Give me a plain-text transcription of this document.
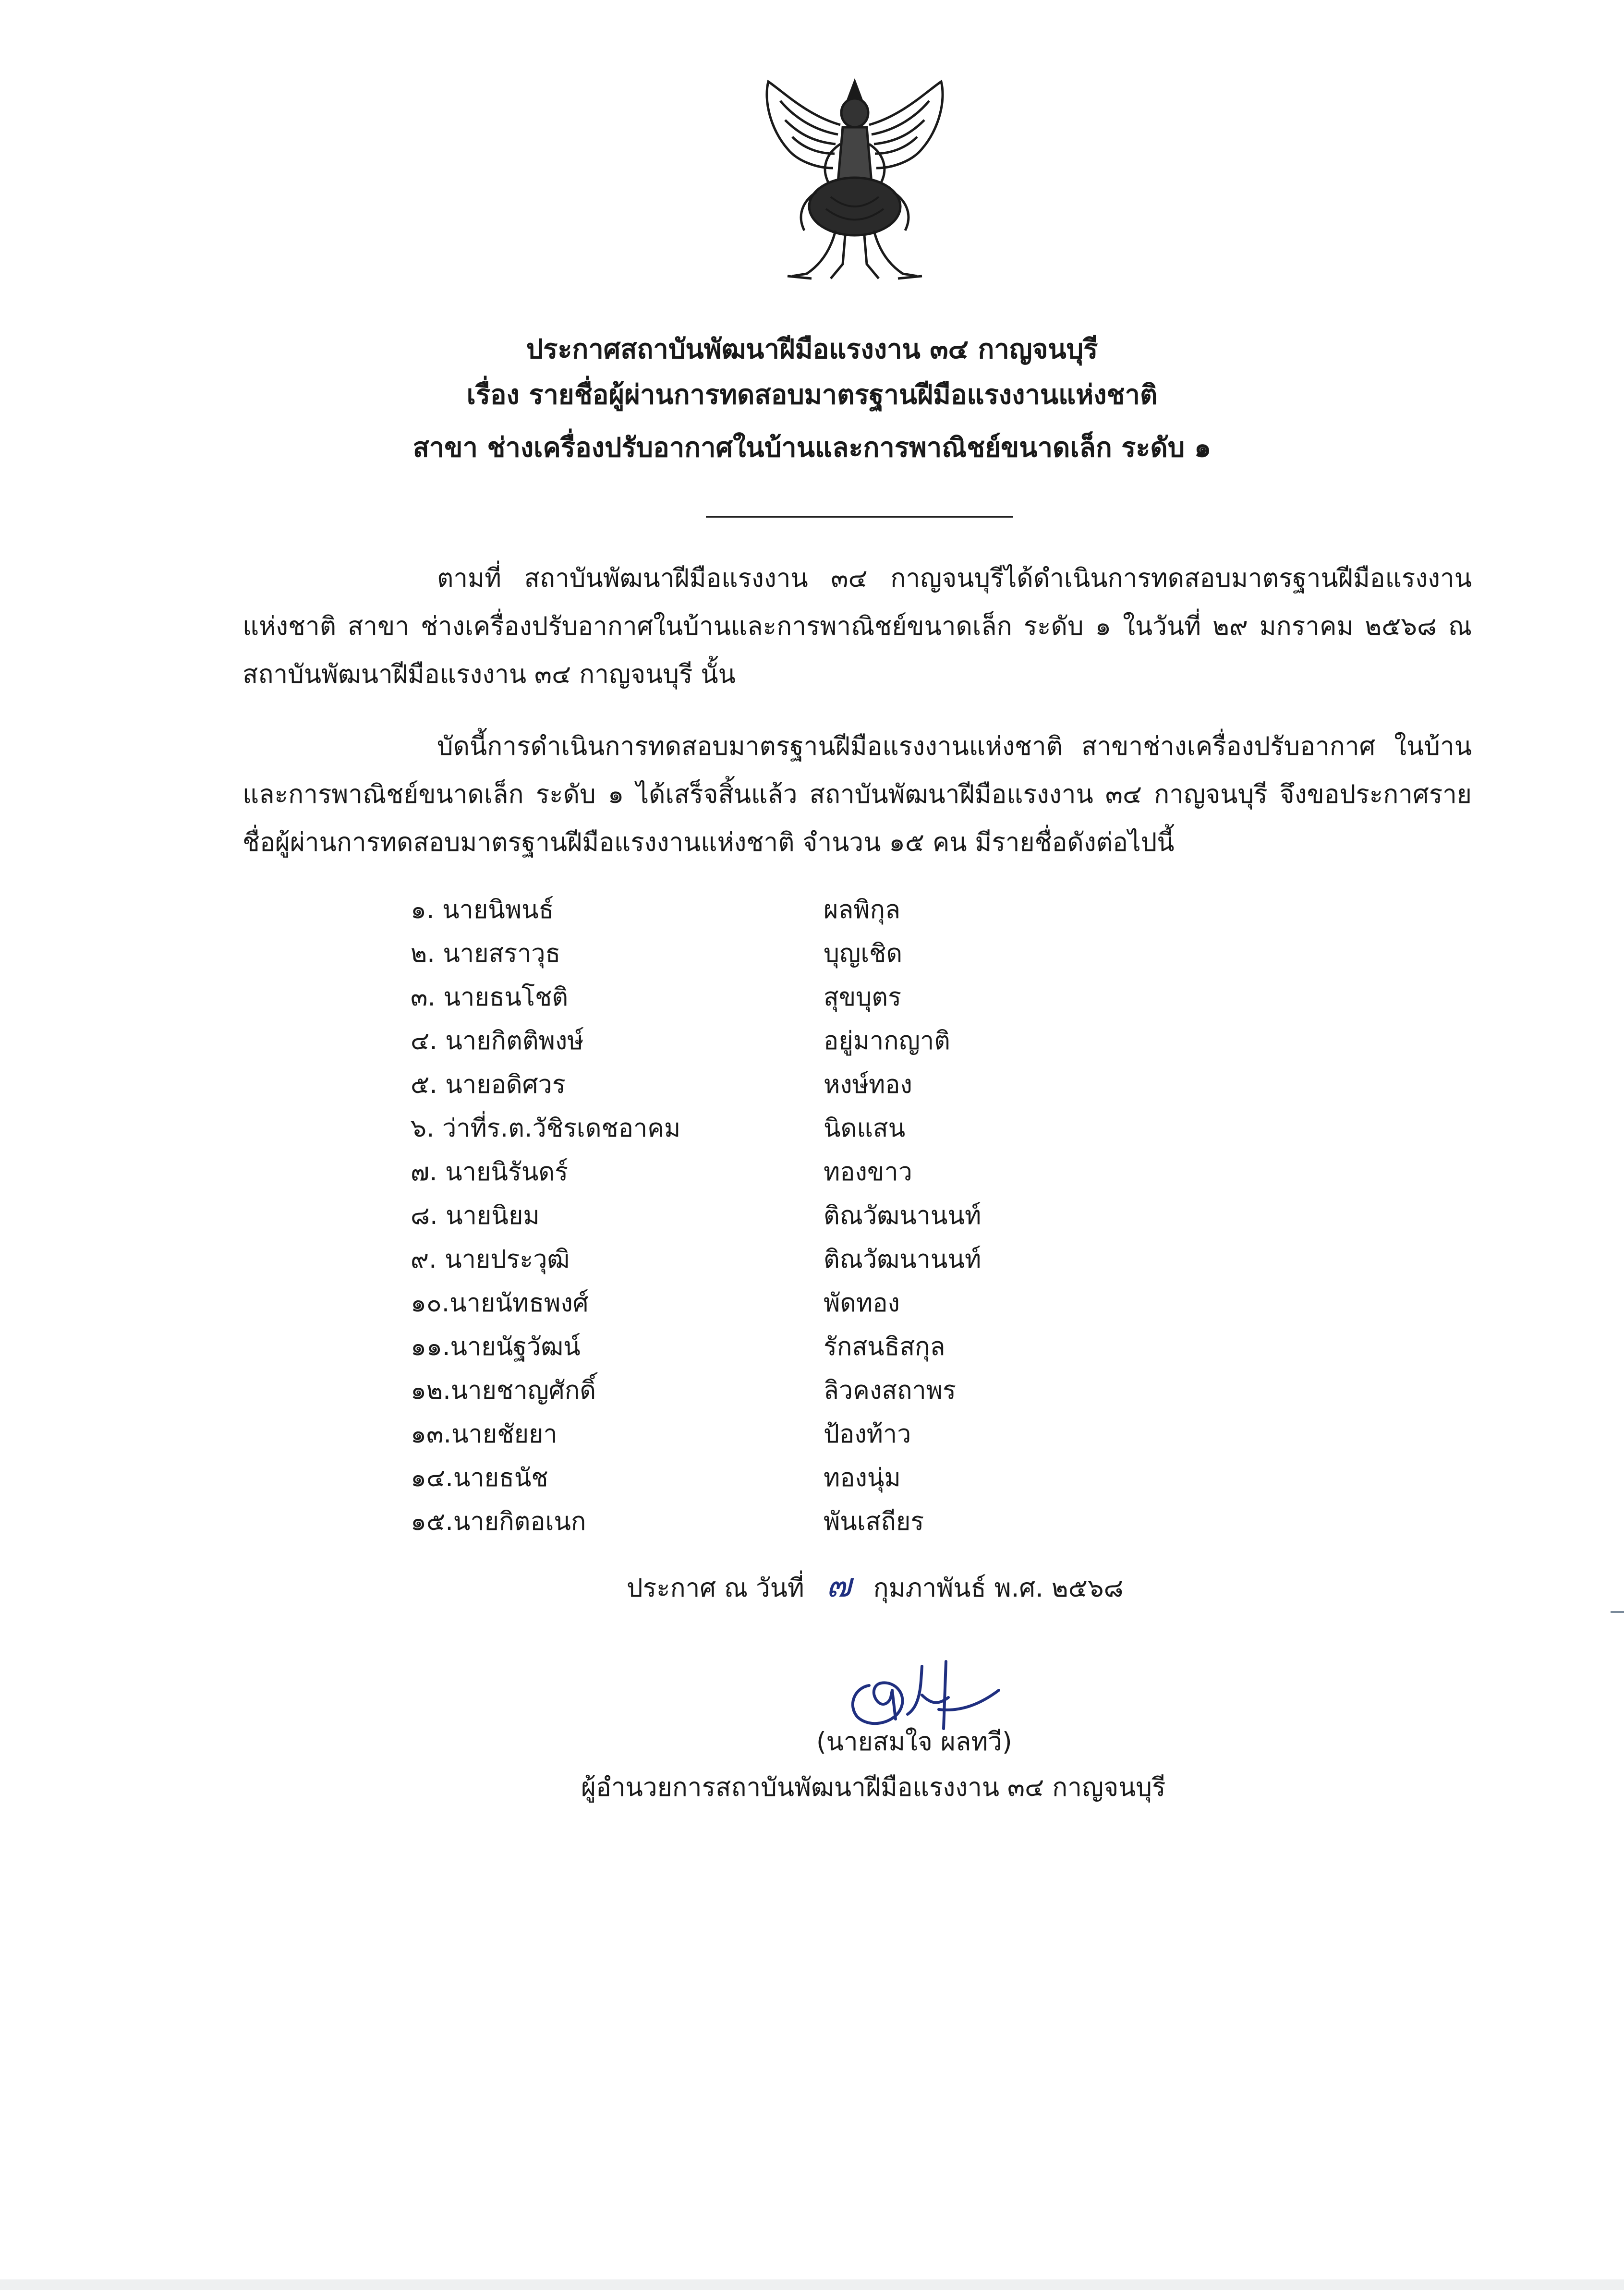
ประกาศสถาบันพัฒนาฝีมือแรงงาน ๓๔ กาญจนบุรี
เรื่อง รายชื่อผู้ผ่านการทดสอบมาตรฐานฝีมือแรงงานแห่งชาติ
สาขา ช่างเครื่องปรับอากาศในบ้านและการพาณิชย์ขนาดเล็ก ระดับ ๑
ตามที่ สถาบันพัฒนาฝีมือแรงงาน ๓๔ กาญจนบุรีได้ดำเนินการทดสอบมาตรฐานฝีมือแรงงาน แห่งชาติ สาขา ช่างเครื่องปรับอากาศในบ้านและการพาณิชย์ขนาดเล็ก ระดับ ๑ ในวันที่ ๒๙ มกราคม ๒๕๖๘ ณ สถาบันพัฒนาฝีมือแรงงาน ๓๔ กาญจนบุรี นั้น
บัดนี้การดำเนินการทดสอบมาตรฐานฝีมือแรงงานแห่งชาติ สาขาช่างเครื่องปรับอากาศ ในบ้านและการพาณิชย์ขนาดเล็ก ระดับ ๑ ได้เสร็จสิ้นแล้ว สถาบันพัฒนาฝีมือแรงงาน ๓๔ กาญจนบุรี จึงขอประกาศรายชื่อผู้ผ่านการทดสอบมาตรฐานฝีมือแรงงานแห่งชาติ จำนวน ๑๕ คน มีรายชื่อดังต่อไปนี้
๑. นายนิพนธ์	ผลพิกุล
๒. นายสราวุธ	บุญเชิด
๓. นายธนโชติ	สุขบุตร
๔. นายกิตติพงษ์	อยู่มากญาติ
๕. นายอดิศวร	หงษ์ทอง
๖. ว่าที่ร.ต.วัชิรเดชอาคม	นิดแสน
๗. นายนิรันดร์	ทองขาว
๘. นายนิยม	ติณวัฒนานนท์
๙. นายประวุฒิ	ติณวัฒนานนท์
๑๐.นายนัทธพงศ์	พัดทอง
๑๑.นายนัฐวัฒน์	รักสนธิสกุล
๑๒.นายชาญศักดิ์	ลิวคงสถาพร
๑๓.นายชัยยา	ป้องท้าว
๑๔.นายธนัช	ทองนุ่ม
๑๕.นายกิตอเนก	พันเสถียร
ประกาศ ณ วันที่ ๗ กุมภาพันธ์ พ.ศ. ๒๕๖๘
(นายสมใจ ผลทวี)
ผู้อำนวยการสถาบันพัฒนาฝีมือแรงงาน ๓๔ กาญจนบุรี
